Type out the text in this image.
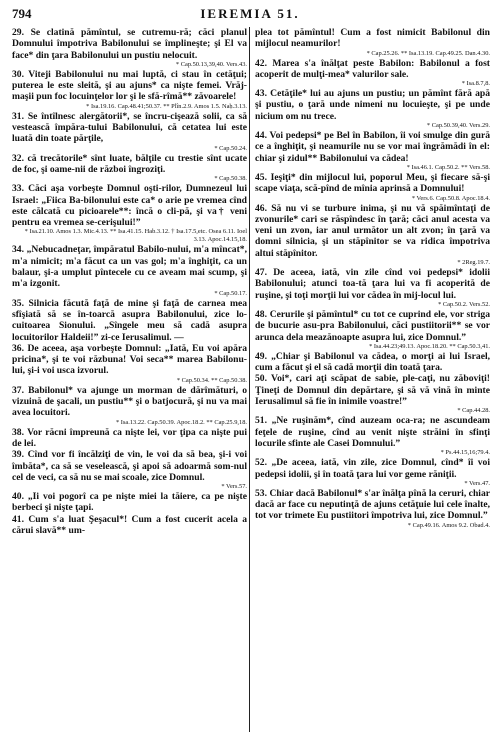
794	IEREMIA 51.

29. Se clatină pămîntul, se cutremu-ră; căci planul Domnului împotriva Babilonului se împlineşte; şi El va face* din ţara Babilonului un pustiu nelocuit.

* Cap.50.13,39,40. Vers.43.

30. Viteji Babilonului nu mai luptă, ci stau în cetăţui; puterea le este sleită, şi au ajuns* ca nişte femei. Vrăj-maşii pun foc locuinţelor lor şi le sfă-rîmă** zăvoarele!

* Isa.19.16. Cap.48.41;50.37. ** Plîn.2.9. Amos 1.5. Naḥ.3.13.

31. Se întîlnesc alergătorii*, se încru-cişează solii, ca să vestească împăra-tului Babilonului, că cetatea lui este luată din toate părţile,

* Cap.50.24.

32. că trecătorile* sînt luate, bălţile cu trestie sînt ucate de foc, şi oame-nii de război îngroziţi.

* Cap.50.38.

33. Căci aşa vorbeşte Domnul oşti-rilor, Dumnezeul lui Israel: „Fiica Ba-bilonului este ca* o arie pe vremea cînd este călcată cu picioarele**: încă o cli-pă, şi va† veni pentru ea vremea se-cerişului!”

* Isa.21.10. Amos 1.3. Mic.4.13. ** Isa.41.15. Hab.3.12. † Isa.17.5,etc. Osea 6.11. Ioel 3.13. Apoc.14.15,18.

34. „Nebucadneţar, împăratul Babilo-nului, m'a mîncat*, m'a nimicit; m'a făcut ca un vas gol; m'a înghiţit, ca un balaur, şi-a umplut pîntecele cu ce aveam mai scump, şi m'a izgonit.

* Cap.50.17.

35. Silnicia făcută faţă de mine şi faţă de carnea mea sfîşiată să se în-toarcă asupra Babilonului, zice lo-cuitoarea Sionului. „Sîngele meu să cadă asupra locuitorilor Haldeii!” zi-ce Ierusalimul. —

36. De aceea, aşa vorbeşte Domnul: „Iată, Eu voi apăra pricina*, şi te voi răzbuna! Voi seca** marea Babilonu-lui, şi-i voi usca izvorul.

* Cap.50.34. ** Cap.50.38.

37. Babilonul* va ajunge un morman de dărîmături, o vizuină de şacali, un pustiu** şi o batjocură, şi nu va mai avea locuitori.

* Isa.13.22. Cap.50.39. Apoc.18.2. ** Cap.25.9,18.

38. Vor răcni împreună ca nişte lei, vor ţipa ca nişte pui de lei.

39. Cînd vor fi încălziţi de vin, le voi da să bea, şi-i voi îmbăta*, ca să se veselească, şi apoi să adoarmă som-nul cel de veci, ca să nu se mai scoale, zice Domnul.

* Vers.57.

40. „Ii voi pogorî ca pe nişte miei la tăiere, ca pe nişte berbeci şi nişte ţapi.

41. Cum s'a luat Şeşacul*! Cum a fost cucerit acela a cărui slavă** um-

plea tot pămîntul! Cum a fost nimicit Babilonul din mijlocul neamurilor!

* Cap.25.26. ** Isa.13.19. Cap.49.25. Dan.4.30.

42. Marea s'a înălţat peste Babilon: Babilonul a fost acoperit de mulţi-mea* valurilor sale.

* Isa.8.7,8.

43. Cetăţile* lui au ajuns un pustiu; un pămînt fără apă şi pustiu, o ţară unde nimeni nu locuieşte, şi pe unde nicium om nu trece.

* Cap.50.39,40. Vers.29.

44. Voi pedepsi* pe Bel în Babilon, îi voi smulge din gură ce a înghiţit, şi neamurile nu se vor mai îngrămădi în el: chiar şi zidul** Babilonului va cădea!

* Isa.46.1. Cap.50.2. ** Vers.58.

45. Ieşiţi* din mijlocul lui, poporul Meu, şi fiecare să-şi scape viaţa, scă-pînd de mînia aprinsă a Domnului!

* Vers.6. Cap.50.8. Apoc.18.4.

46. Să nu vi se turbure inima, şi nu vă spăimîntaţi de zvonurile* cari se răspîndesc în ţară; căci anul acesta va veni un zvon, iar anul următor un alt zvon; în ţară va domni silnicia, şi un stăpînitor se va ridica împotriva altui stăpînitor.

* 2Reg.19.7.

47. De aceea, iată, vin zile cînd voi pedepsi* idolii Babilonului; atunci toa-tă ţara lui va fi acoperită de ruşine, şi toţi morţii lui vor cădea în mij-locul lui.

* Cap.50.2. Vers.52.

48. Cerurile şi pămîntul* cu tot ce cuprind ele, vor striga de bucurie asu-pra Babilonului, căci pustiitorii** se vor arunca dela meazănoapte asupra lui, zice Domnul.”

* Isa.44.23;49.13. Apoc.18.20. ** Cap.50.3,41.

49. „Chiar şi Babilonul va cădea, o morţi ai lui Israel, cum a făcut şi el să cadă morţii din toată ţara.

50. Voi*, cari aţi scăpat de sabie, ple-caţi, nu zăboviţi! Ţineţi de Domnul din depărtare, şi să vă vină în minte Ierusalimul să fie în inimile voastre!”

* Cap.44.28.

51. „Ne ruşinăm*, cînd auzeam oca-ra; ne ascundeam feţele de ruşine, cînd au venit nişte străini în sfinţi locurile sfinte ale Casei Domnului.”

* Ps.44.15,16;79.4.

52. „De aceea, iată, vin zile, zice Domnul, cînd* îi voi pedepsi idolii, şi în toată ţara lui vor geme răniţii.

* Vers.47.

53. Chiar dacă Babilonul* s'ar înălţa pînă la ceruri, chiar dacă ar face cu neputinţă de ajuns cetăţuie lui cele înalte, tot vor trimete Eu pustiitori împotriva lui, zice Domnul.”

* Cap.49.16. Amos 9.2. Obad.4.
